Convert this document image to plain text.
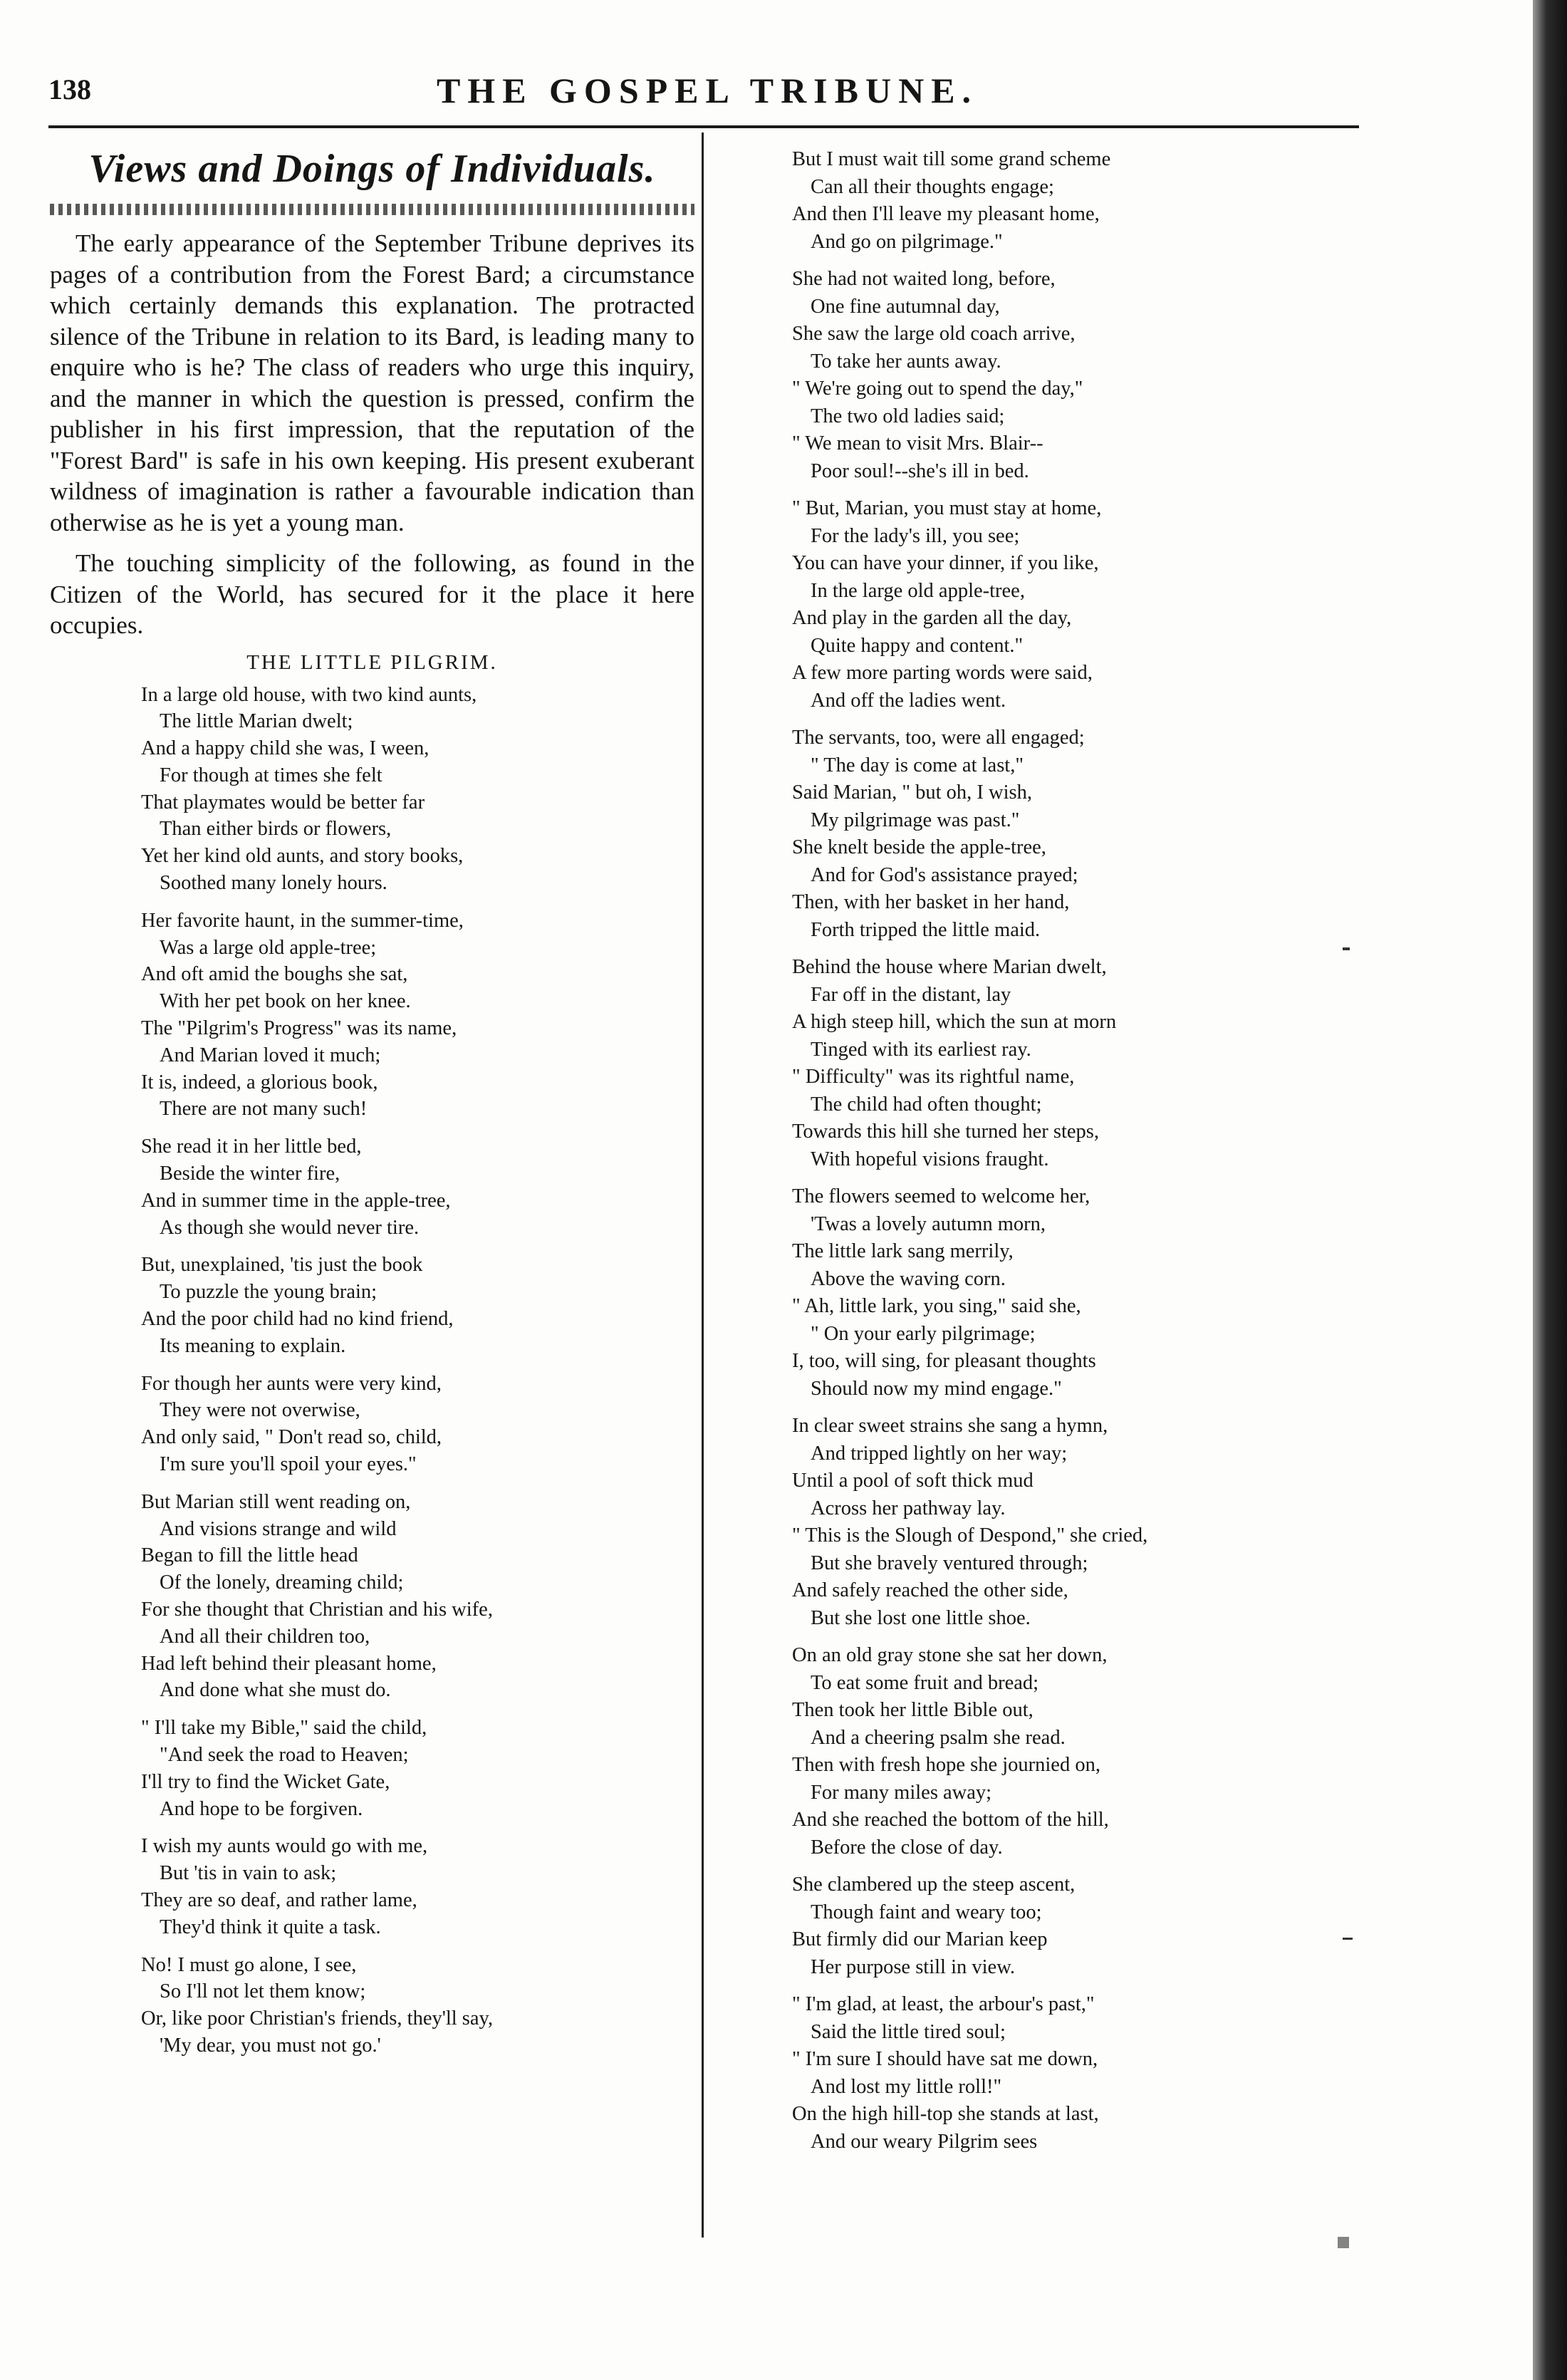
138	THE GOSPEL TRIBUNE.
Views and Doings of Individuals.

The early appearance of the September Tribune deprives its pages of a contribution from the Forest Bard; a circumstance which certainly demands this explanation. The protracted silence of the Tribune in relation to its Bard, is leading many to enquire who is he? The class of readers who urge this inquiry, and the manner in which the question is pressed, confirm the publisher in his first impression, that the reputation of the "Forest Bard" is safe in his own keeping. His present exuberant wildness of imagination is rather a favourable indication than otherwise as he is yet a young man.

The touching simplicity of the following, as found in the Citizen of the World, has secured for it the place it here occupies.

THE LITTLE PILGRIM.
In a large old house, with two kind aunts,
The little Marian dwelt;
And a happy child she was, I ween,
For though at times she felt
That playmates would be better far
Than either birds or flowers,
Yet her kind old aunts, and story books,
Soothed many lonely hours.
Her favorite haunt, in the summer-time,
Was a large old apple-tree;
And oft amid the boughs she sat,
With her pet book on her knee.
The "Pilgrim's Progress" was its name,
And Marian loved it much;
It is, indeed, a glorious book,
There are not many such!
She read it in her little bed,
Beside the winter fire,
And in summer time in the apple-tree,
As though she would never tire.
But, unexplained, 'tis just the book
To puzzle the young brain;
And the poor child had no kind friend,
Its meaning to explain.
For though her aunts were very kind,
They were not overwise,
And only said, " Don't read so, child,
I'm sure you'll spoil your eyes."
But Marian still went reading on,
And visions strange and wild
Began to fill the little head
Of the lonely, dreaming child;
For she thought that Christian and his wife,
And all their children too,
Had left behind their pleasant home,
And done what she must do.
" I'll take my Bible," said the child,
"And seek the road to Heaven;
I'll try to find the Wicket Gate,
And hope to be forgiven.
I wish my aunts would go with me,
But 'tis in vain to ask;
They are so deaf, and rather lame,
They'd think it quite a task.
No! I must go alone, I see,
So I'll not let them know;
Or, like poor Christian's friends, they'll say,
'My dear, you must not go.'
But I must wait till some grand scheme
Can all their thoughts engage;
And then I'll leave my pleasant home,
And go on pilgrimage."
She had not waited long, before,
One fine autumnal day,
She saw the large old coach arrive,
To take her aunts away.
" We're going out to spend the day,"
The two old ladies said;
" We mean to visit Mrs. Blair--
Poor soul!--she's ill in bed.
" But, Marian, you must stay at home,
For the lady's ill, you see;
You can have your dinner, if you like,
In the large old apple-tree,
And play in the garden all the day,
Quite happy and content."
A few more parting words were said,
And off the ladies went.
The servants, too, were all engaged;
" The day is come at last,"
Said Marian, " but oh, I wish,
My pilgrimage was past."
She knelt beside the apple-tree,
And for God's assistance prayed;
Then, with her basket in her hand,
Forth tripped the little maid.
Behind the house where Marian dwelt,
Far off in the distant, lay
A high steep hill, which the sun at morn
Tinged with its earliest ray.
" Difficulty" was its rightful name,
The child had often thought;
Towards this hill she turned her steps,
With hopeful visions fraught.
The flowers seemed to welcome her,
'Twas a lovely autumn morn,
The little lark sang merrily,
Above the waving corn.
" Ah, little lark, you sing," said she,
" On your early pilgrimage;
I, too, will sing, for pleasant thoughts
Should now my mind engage."
In clear sweet strains she sang a hymn,
And tripped lightly on her way;
Until a pool of soft thick mud
Across her pathway lay.
" This is the Slough of Despond," she cried,
But she bravely ventured through;
And safely reached the other side,
But she lost one little shoe.
On an old gray stone she sat her down,
To eat some fruit and bread;
Then took her little Bible out,
And a cheering psalm she read.
Then with fresh hope she journied on,
For many miles away;
And she reached the bottom of the hill,
Before the close of day.
She clambered up the steep ascent,
Though faint and weary too;
But firmly did our Marian keep
Her purpose still in view.
" I'm glad, at least, the arbour's past,"
Said the little tired soul;
" I'm sure I should have sat me down,
And lost my little roll!"
On the high hill-top she stands at last,
And our weary Pilgrim sees
